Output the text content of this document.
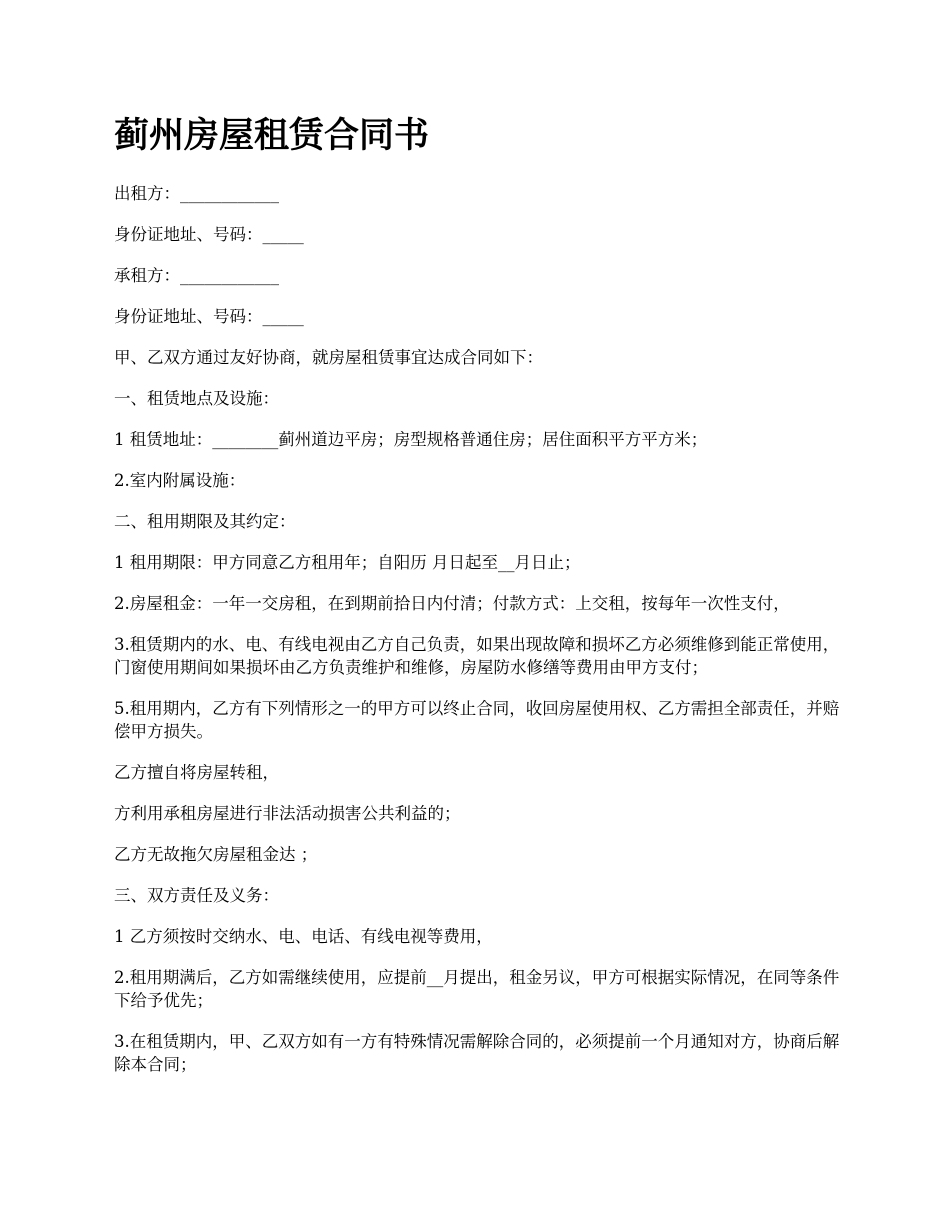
蓟州房屋租赁合同书

出租方：____________

身份证地址、号码：_____

承租方：____________

身份证地址、号码：_____

甲、乙双方通过友好协商，就房屋租赁事宜达成合同如下：

一、租赁地点及设施：

1 租赁地址：________蓟州道边平房；房型规格普通住房；居住面积平方平方米；

2.室内附属设施：

二、租用期限及其约定：

1 租用期限：甲方同意乙方租用年；自阳历 月日起至__月日止；

2.房屋租金：一年一交房租，在到期前拾日内付清；付款方式：上交租，按每年一次性支付，

3.租赁期内的水、电、有线电视由乙方自己负责，如果出现故障和损坏乙方必须维修到能正常使用，门窗使用期间如果损坏由乙方负责维护和维修，房屋防水修缮等费用由甲方支付；

5.租用期内，乙方有下列情形之一的甲方可以终止合同，收回房屋使用权、乙方需担全部责任，并赔偿甲方损失。

乙方擅自将房屋转租，

方利用承租房屋进行非法活动损害公共利益的；

乙方无故拖欠房屋租金达 ；

三、双方责任及义务：

1 乙方须按时交纳水、电、电话、有线电视等费用，

2.租用期满后，乙方如需继续使用，应提前__月提出，租金另议，甲方可根据实际情况，在同等条件下给予优先；

3.在租赁期内，甲、乙双方如有一方有特殊情况需解除合同的，必须提前一个月通知对方，协商后解除本合同；
